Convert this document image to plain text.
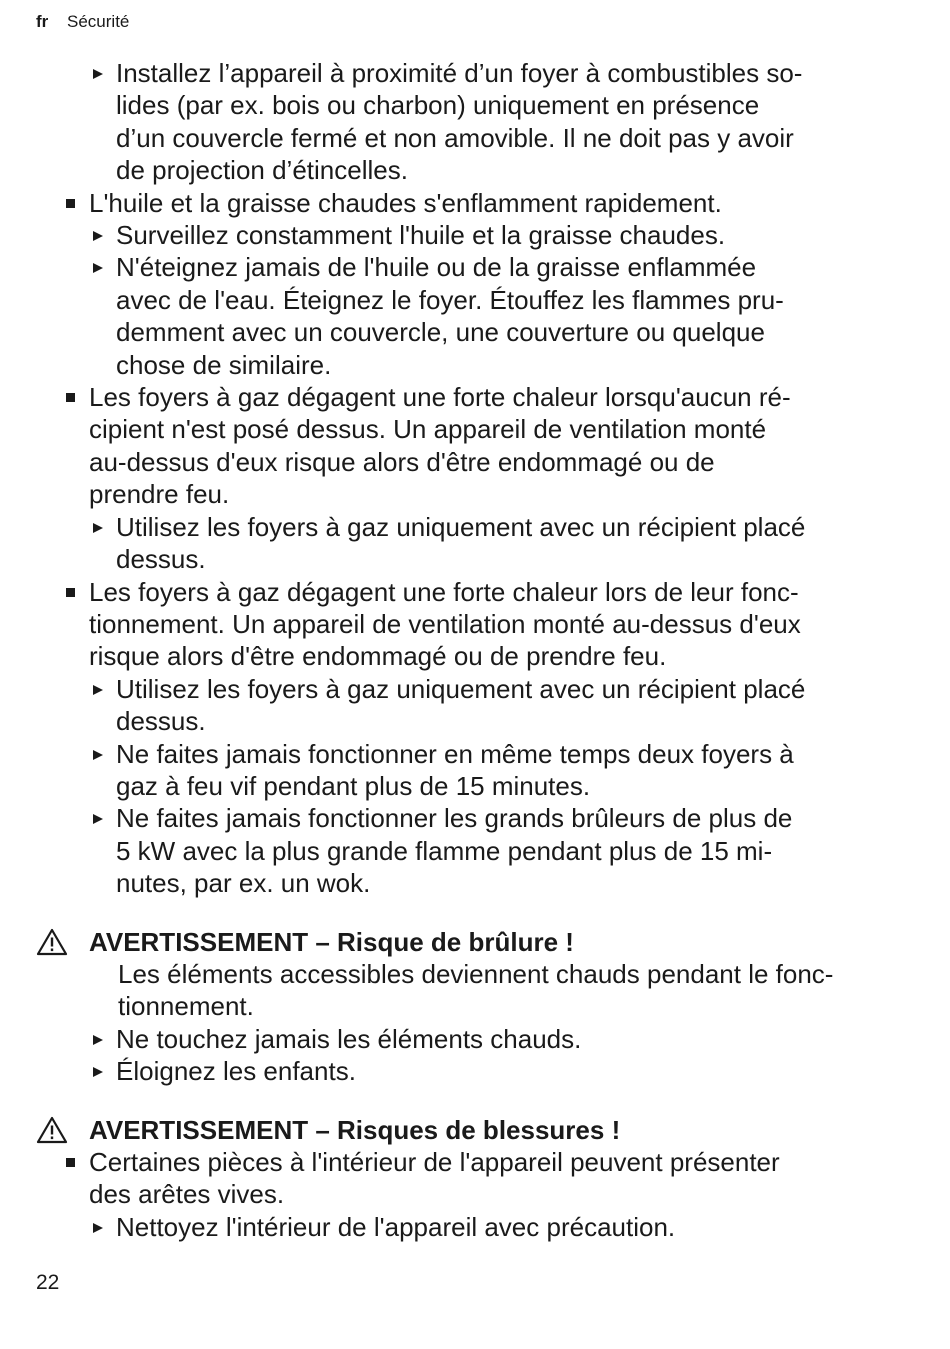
fr Sécurité
Installez l’appareil à proximité d’un foyer à combustibles so-
lides (par ex. bois ou charbon) uniquement en présence
d’un couvercle fermé et non amovible. Il ne doit pas y avoir
de projection d’étincelles.
L'huile et la graisse chaudes s'enflamment rapidement.
Surveillez constamment l'huile et la graisse chaudes.
N'éteignez jamais de l'huile ou de la graisse enflammée
avec de l'eau. Éteignez le foyer. Étouffez les flammes pru-
demment avec un couvercle, une couverture ou quelque
chose de similaire.
Les foyers à gaz dégagent une forte chaleur lorsqu'aucun ré-
cipient n'est posé dessus. Un appareil de ventilation monté
au-dessus d'eux risque alors d'être endommagé ou de
prendre feu.
Utilisez les foyers à gaz uniquement avec un récipient placé
dessus.
Les foyers à gaz dégagent une forte chaleur lors de leur fonc-
tionnement. Un appareil de ventilation monté au-dessus d'eux
risque alors d'être endommagé ou de prendre feu.
Utilisez les foyers à gaz uniquement avec un récipient placé
dessus.
Ne faites jamais fonctionner en même temps deux foyers à
gaz à feu vif pendant plus de 15 minutes.
Ne faites jamais fonctionner les grands brûleurs de plus de
5 kW avec la plus grande flamme pendant plus de 15 mi-
nutes, par ex. un wok.
AVERTISSEMENT – Risque de brûlure !
Les éléments accessibles deviennent chauds pendant le fonc-
tionnement.
Ne touchez jamais les éléments chauds.
Éloignez les enfants.
AVERTISSEMENT – Risques de blessures !
Certaines pièces à l'intérieur de l'appareil peuvent présenter
des arêtes vives.
Nettoyez l'intérieur de l'appareil avec précaution.
22
